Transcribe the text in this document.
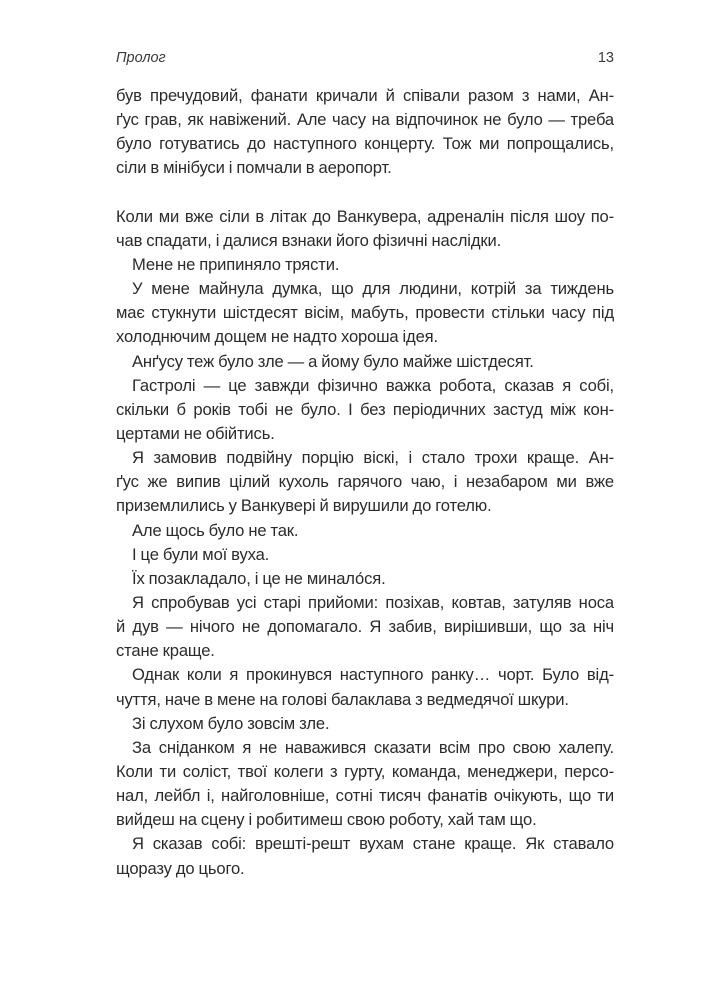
Пролог	13
був пречудовий, фанати кричали й співали разом з нами, Ан-
ґус грав, як навіжений. Але часу на відпочинок не було — треба
було готуватись до наступного концерту. Тож ми попрощались,
сіли в мінібуси і помчали в аеропорт.
Коли ми вже сіли в літак до Ванкувера, адреналін після шоу по-
чав спадати, і далися взнаки його фізичні наслідки.
Мене не припиняло трясти.
У мене майнула думка, що для людини, котрій за тиждень
має стукнути шістдесят вісім, мабуть, провести стільки часу під
холоднючим дощем не надто хороша ідея.
Анґусу теж було зле — а йому було майже шістдесят.
Гастролі — це завжди фізично важка робота, сказав я собі,
скільки б років тобі не було. І без періодичних застуд між кон-
цертами не обійтись.
Я замовив подвійну порцію віскі, і стало трохи краще. Ан-
ґус же випив цілий кухоль гарячого чаю, і незабаром ми вже
приземлились у Ванкувері й вирушили до готелю.
Але щось було не так.
І це були мої вуха.
Їх позакладало, і це не минало́ся.
Я спробував усі старі прийоми: позіхав, ковтав, затуляв носа
й дув — нічого не допомагало. Я забив, вирішивши, що за ніч
стане краще.
Однак коли я прокинувся наступного ранку… чорт. Було від-
чуття, наче в мене на голові балаклава з ведмедячої шкури.
Зі слухом було зовсім зле.
За сніданком я не наважився сказати всім про свою халепу.
Коли ти соліст, твої колеги з гурту, команда, менеджери, персо-
нал, лейбл і, найголовніше, сотні тисяч фанатів очікують, що ти
вийдеш на сцену і робитимеш свою роботу, хай там що.
Я сказав собі: врешті-решт вухам стане краще. Як ставало
щоразу до цього.
